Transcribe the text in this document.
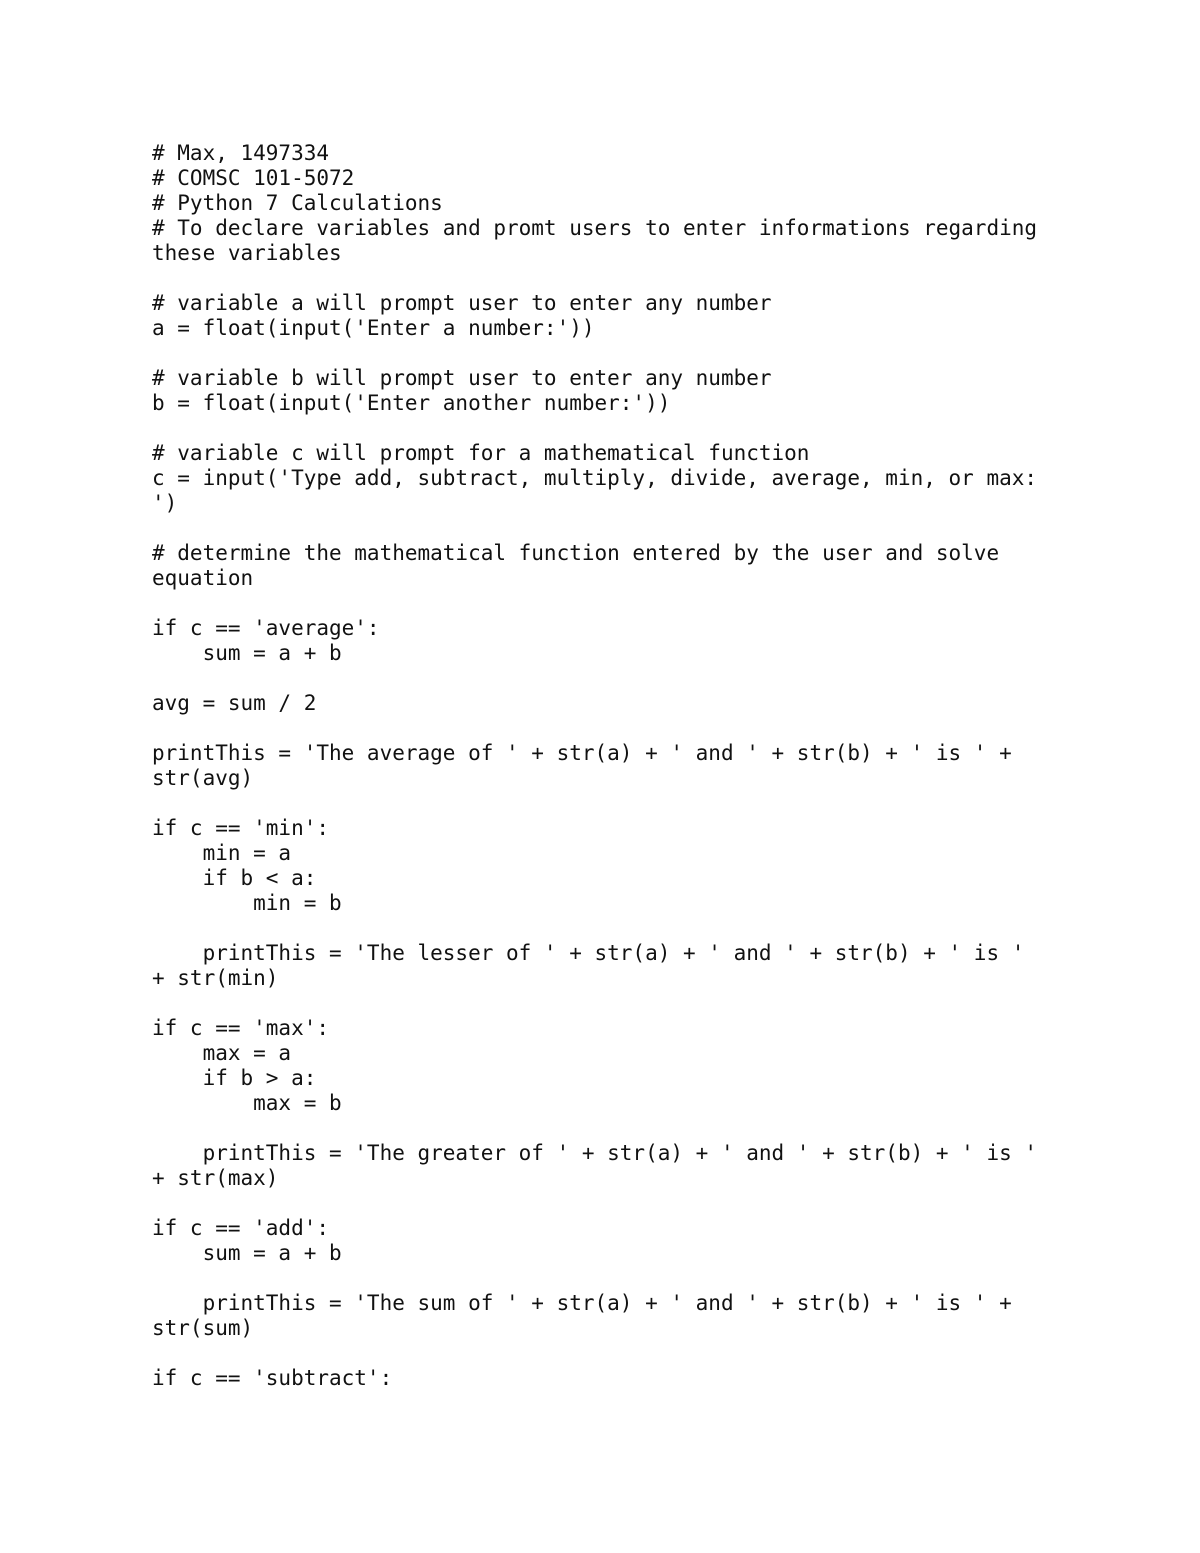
# Max, 1497334
# COMSC 101-5072
# Python 7 Calculations
# To declare variables and promt users to enter informations regarding
these variables
# variable a will prompt user to enter any number
a = float(input('Enter a number:'))
# variable b will prompt user to enter any number
b = float(input('Enter another number:'))
# variable c will prompt for a mathematical function
c = input('Type add, subtract, multiply, divide, average, min, or max:
')
# determine the mathematical function entered by the user and solve
equation
if c == 'average':
sum = a + b
avg = sum / 2
printThis = 'The average of ' + str(a) + ' and ' + str(b) + ' is ' +
str(avg)
if c == 'min':
min = a
if b < a:
min = b
printThis = 'The lesser of ' + str(a) + ' and ' + str(b) + ' is '
+ str(min)
if c == 'max':
max = a
if b > a:
max = b
printThis = 'The greater of ' + str(a) + ' and ' + str(b) + ' is '
+ str(max)
if c == 'add':
sum = a + b
printThis = 'The sum of ' + str(a) + ' and ' + str(b) + ' is ' +
str(sum)
if c == 'subtract':
